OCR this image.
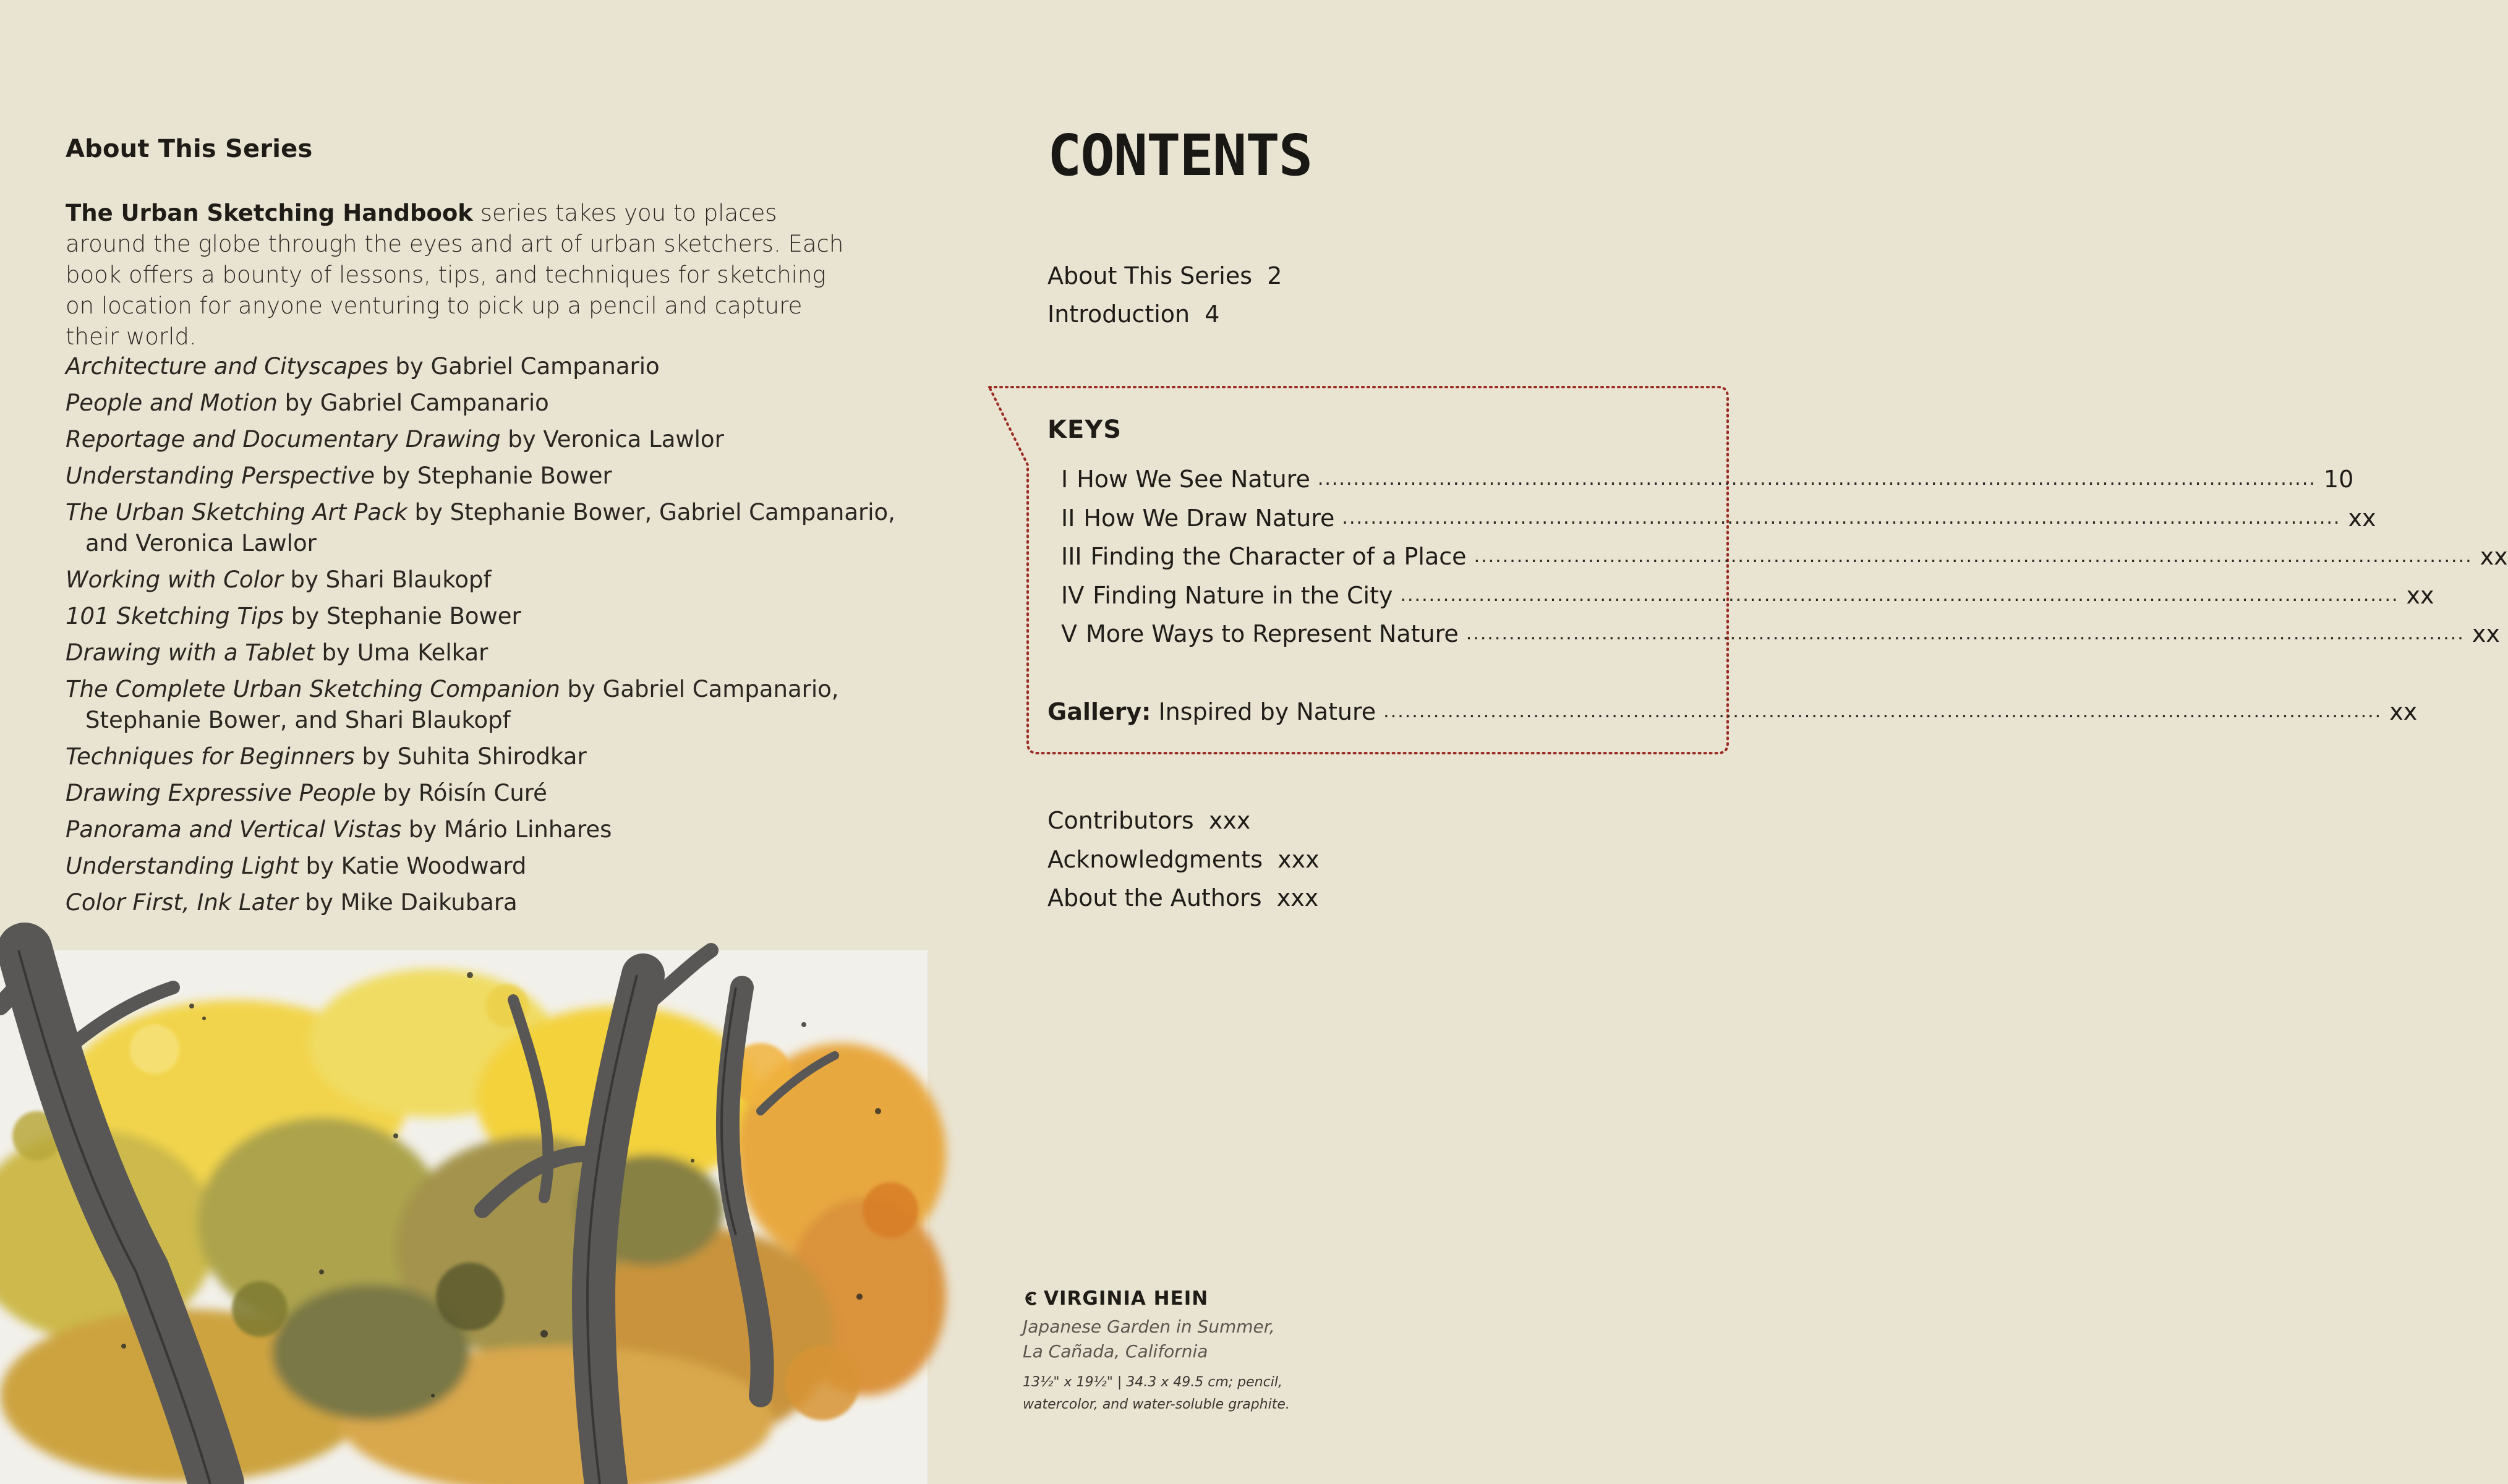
About This Series
The Urban Sketching Handbook series takes you to places around the globe through the eyes and art of urban sketchers. Each book offers a bounty of lessons, tips, and techniques for sketching on location for anyone venturing to pick up a pencil and capture their world.
Architecture and Cityscapes by Gabriel Campanario
People and Motion by Gabriel Campanario
Reportage and Documentary Drawing by Veronica Lawlor
Understanding Perspective by Stephanie Bower
The Urban Sketching Art Pack by Stephanie Bower, Gabriel Campanario,
and Veronica Lawlor
Working with Color by Shari Blaukopf
101 Sketching Tips by Stephanie Bower
Drawing with a Tablet by Uma Kelkar
The Complete Urban Sketching Companion by Gabriel Campanario,
Stephanie Bower, and Shari Blaukopf
Techniques for Beginners by Suhita Shirodkar
Drawing Expressive People by Róisín Curé
Panorama and Vertical Vistas by Mário Linhares
Understanding Light by Katie Woodward
Color First, Ink Later by Mike Daikubara
CONTENTS
About This Series 2
Introduction 4
KEYS
I How We See Nature ............................................................................................................................................ 10
II How We Draw Nature ............................................................................................................................................ xx
III Finding the Character of a Place ............................................................................................................................................ xx
IV Finding Nature in the City ............................................................................................................................................ xx
V More Ways to Represent Nature ............................................................................................................................................ xx
Gallery: Inspired by Nature ............................................................................................................................................ xx
Contributors xxx
Acknowledgments xxx
About the Authors xxx
VIRGINIA HEIN
Japanese Garden in Summer,
La Cañada, California
13½" x 19½" | 34.3 x 49.5 cm; pencil,
watercolor, and water-soluble graphite.
